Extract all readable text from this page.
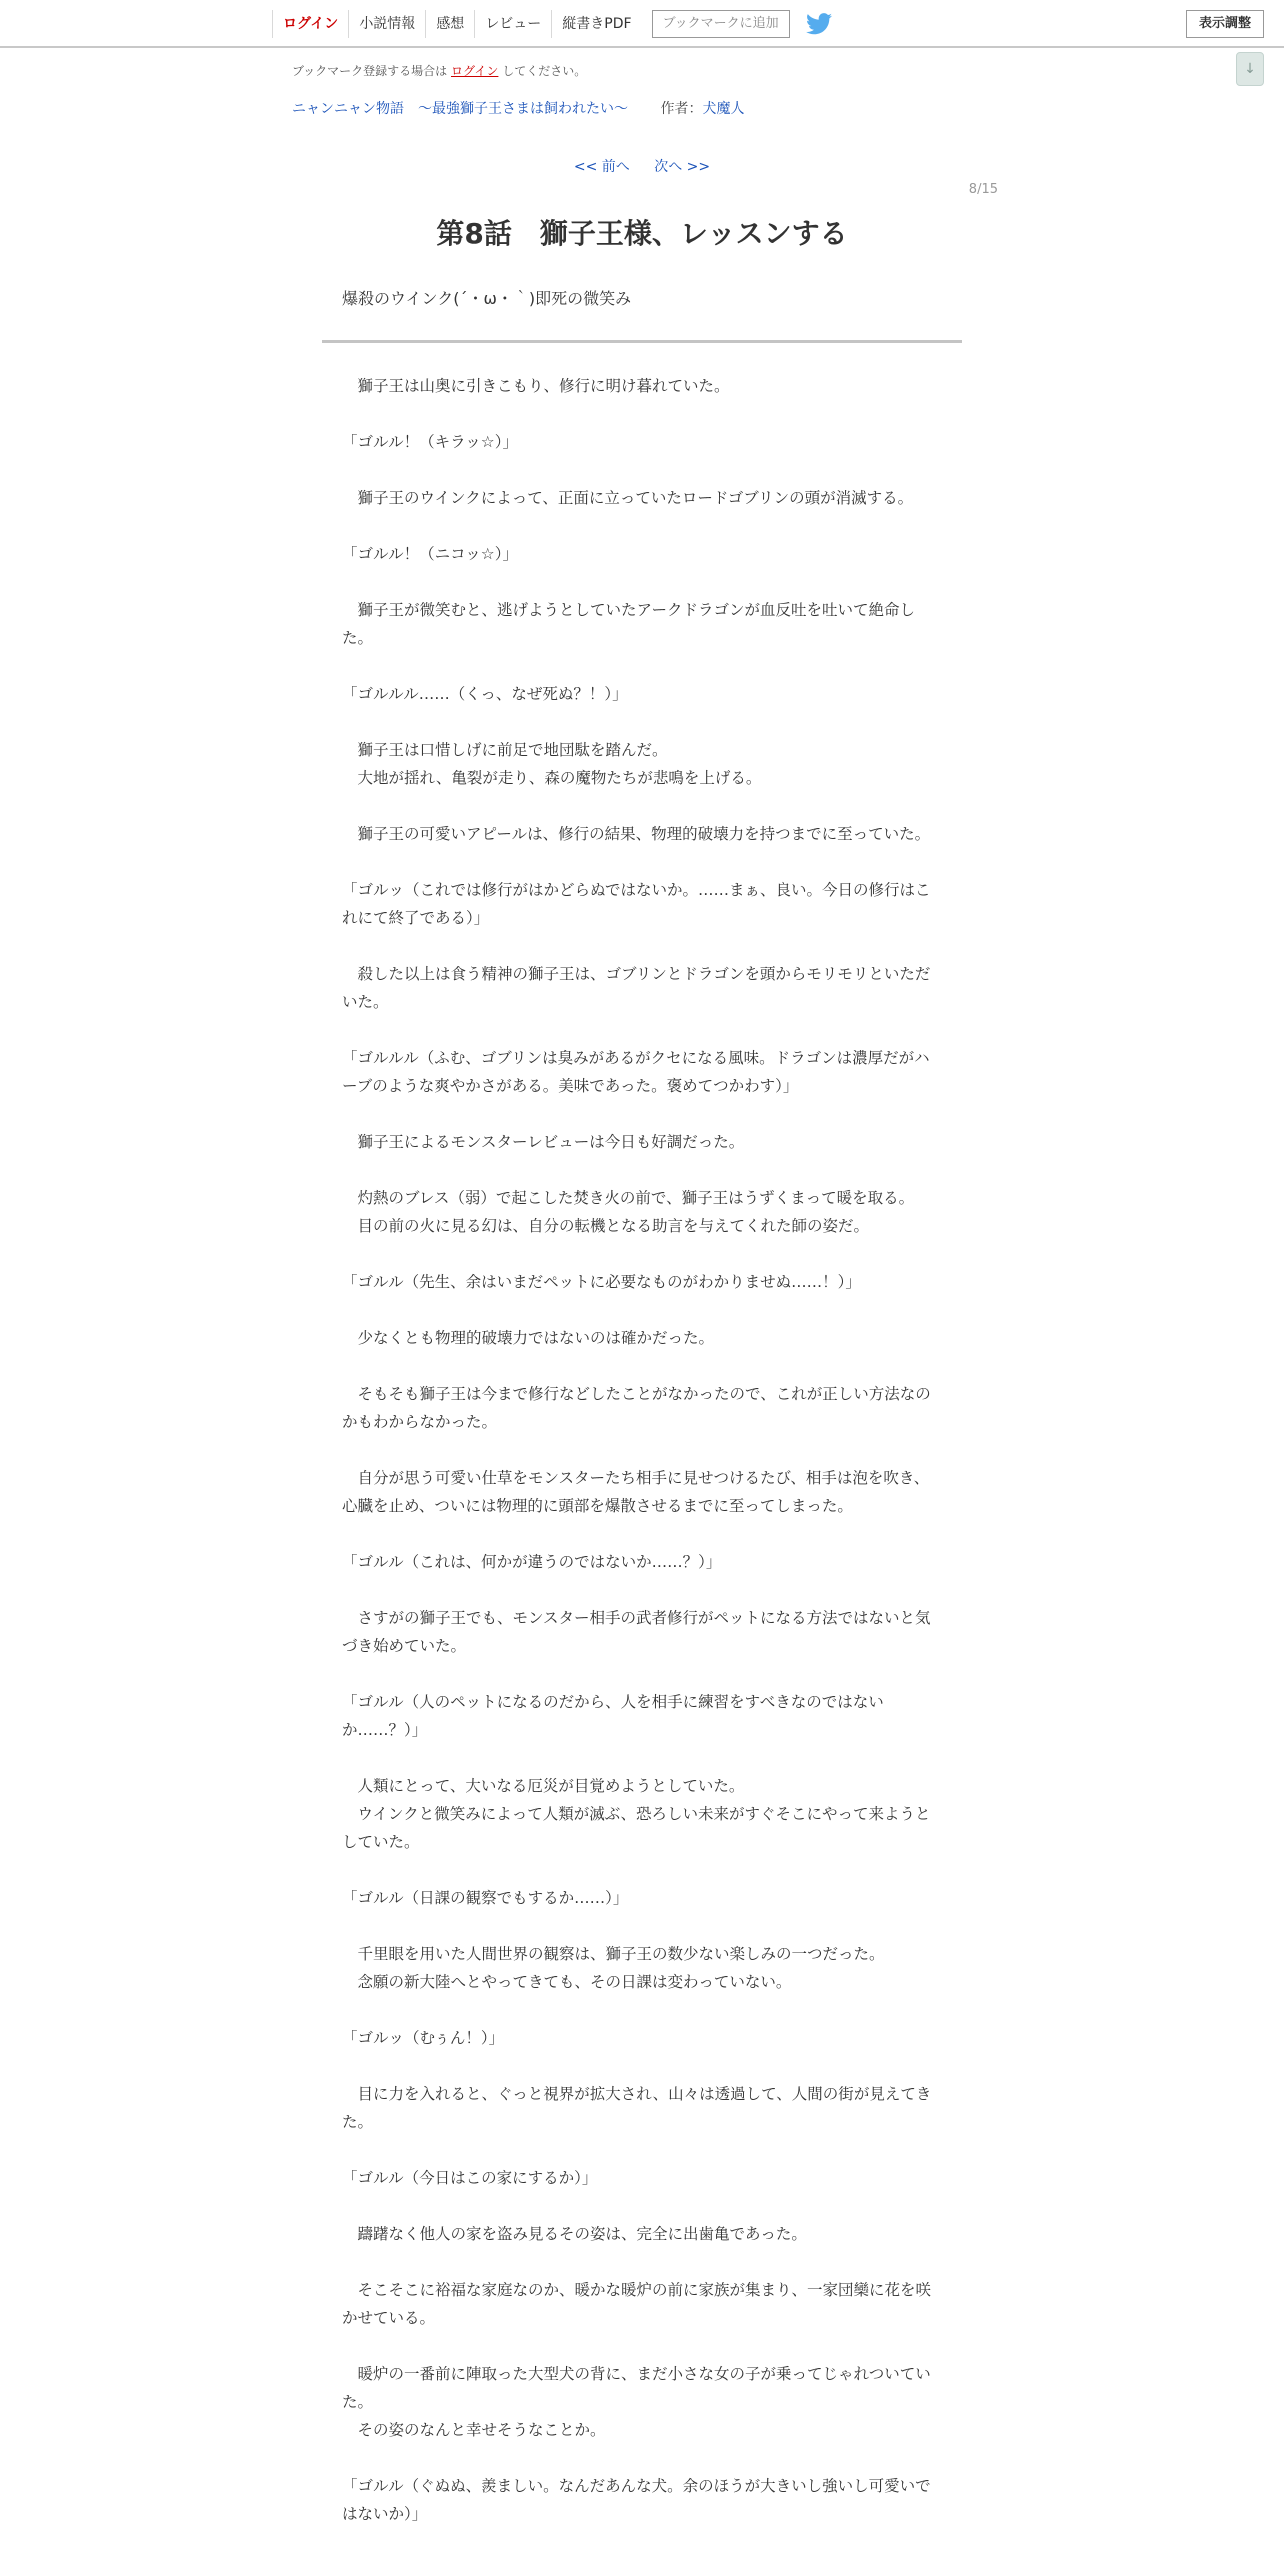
ログイン	小説情報	感想	レビュー	縦書きPDF	ブックマークに追加	表示調整
↓
ブックマーク登録する場合は ログイン してください。
ニャンニャン物語　～最強獅子王さまは飼われたい～ 作者：犬魔人
<< 前へ 次へ >>
8/15
第8話　獅子王様、レッスンする
爆殺のウインク(´・ω・｀)即死の微笑み

　獅子王は山奥に引きこもり、修行に明け暮れていた。

「ゴルル！（キラッ☆）」

　獅子王のウインクによって、正面に立っていたロードゴブリンの頭が消滅する。

「ゴルル！（ニコッ☆）」

　獅子王が微笑むと、逃げようとしていたアークドラゴンが血反吐を吐いて絶命した。

「ゴルルル……（くっ、なぜ死ぬ？！）」

　獅子王は口惜しげに前足で地団駄を踏んだ。

　大地が揺れ、亀裂が走り、森の魔物たちが悲鳴を上げる。

　獅子王の可愛いアピールは、修行の結果、物理的破壊力を持つまでに至っていた。

「ゴルッ（これでは修行がはかどらぬではないか。……まぁ、良い。今日の修行はこれにて終了である）」

　殺した以上は食う精神の獅子王は、ゴブリンとドラゴンを頭からモリモリといただいた。

「ゴルルル（ふむ、ゴブリンは臭みがあるがクセになる風味。ドラゴンは濃厚だがハーブのような爽やかさがある。美味であった。褒めてつかわす）」

　獅子王によるモンスターレビューは今日も好調だった。

　灼熱のブレス（弱）で起こした焚き火の前で、獅子王はうずくまって暖を取る。

　目の前の火に見る幻は、自分の転機となる助言を与えてくれた師の姿だ。

「ゴルル（先生、余はいまだペットに必要なものがわかりませぬ……！）」

　少なくとも物理的破壊力ではないのは確かだった。

　そもそも獅子王は今まで修行などしたことがなかったので、これが正しい方法なのかもわからなかった。

　自分が思う可愛い仕草をモンスターたち相手に見せつけるたび、相手は泡を吹き、心臓を止め、ついには物理的に頭部を爆散させるまでに至ってしまった。

「ゴルル（これは、何かが違うのではないか……？）」

　さすがの獅子王でも、モンスター相手の武者修行がペットになる方法ではないと気づき始めていた。

「ゴルル（人のペットになるのだから、人を相手に練習をすべきなのではないか……？）」

　人類にとって、大いなる厄災が目覚めようとしていた。

　ウインクと微笑みによって人類が滅ぶ、恐ろしい未来がすぐそこにやって来ようとしていた。

「ゴルル（日課の観察でもするか……）」

　千里眼を用いた人間世界の観察は、獅子王の数少ない楽しみの一つだった。

　念願の新大陸へとやってきても、その日課は変わっていない。

「ゴルッ（むぅん！）」

　目に力を入れると、ぐっと視界が拡大され、山々は透過して、人間の街が見えてきた。

「ゴルル（今日はこの家にするか）」

　躊躇なく他人の家を盗み見るその姿は、完全に出歯亀であった。

　そこそこに裕福な家庭なのか、暖かな暖炉の前に家族が集まり、一家団欒に花を咲かせている。

　暖炉の一番前に陣取った大型犬の背に、まだ小さな女の子が乗ってじゃれついていた。

　その姿のなんと幸せそうなことか。

「ゴルル（ぐぬぬ、羨ましい。なんだあんな犬。余のほうが大きいし強いし可愛いではないか）」
